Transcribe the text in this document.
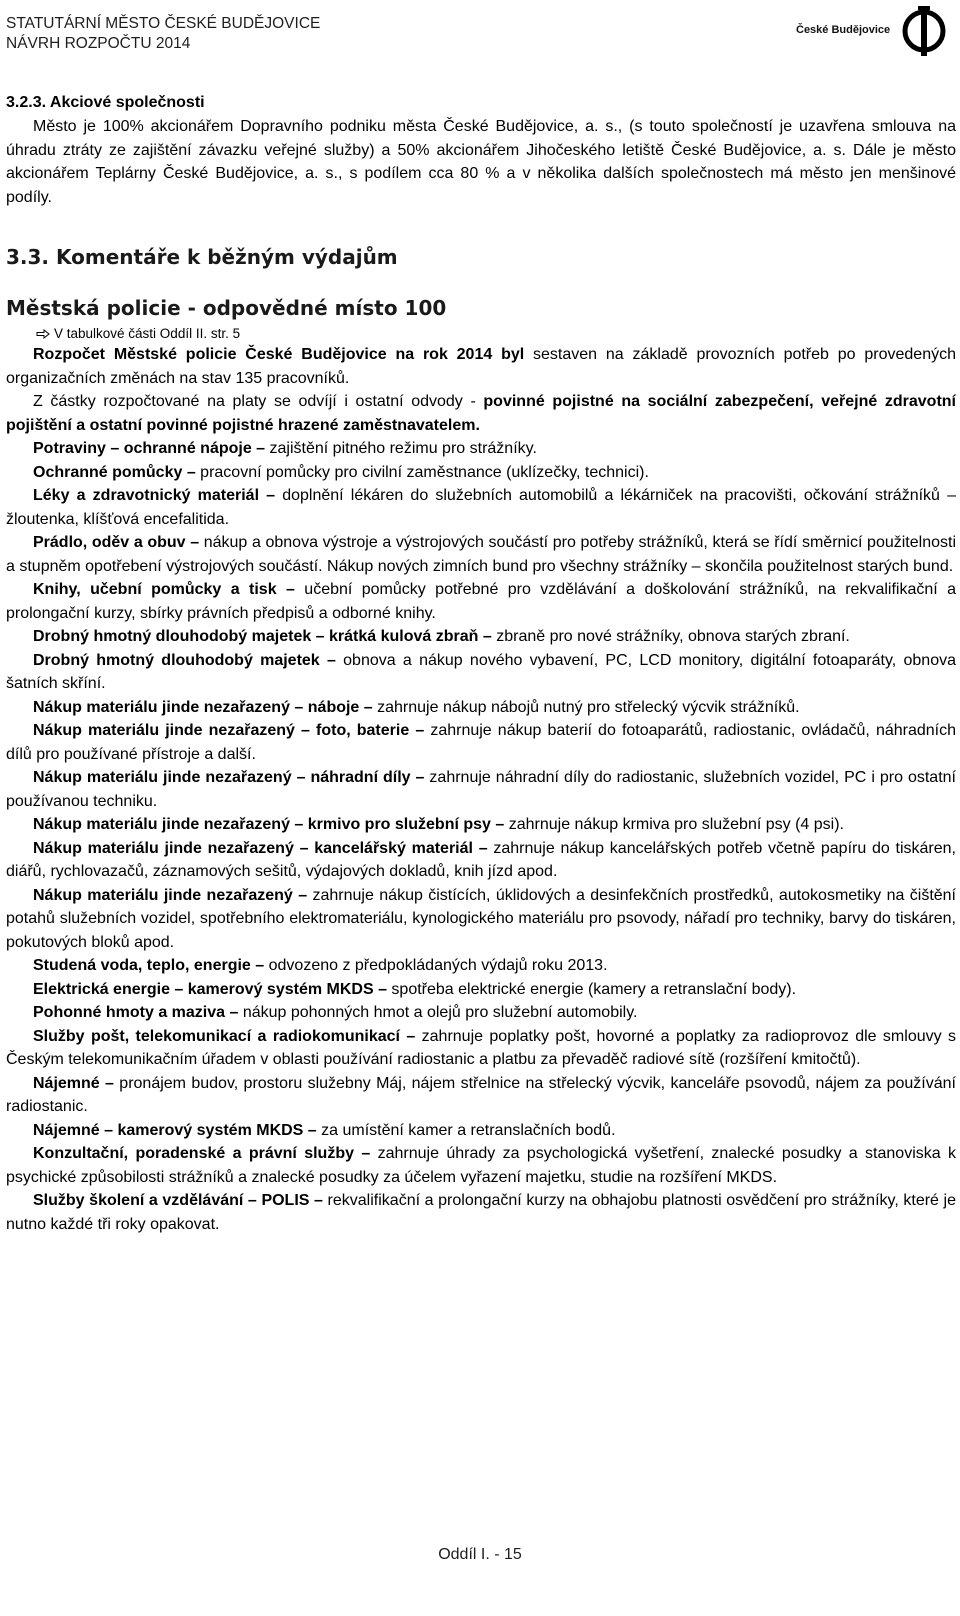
STATUTÁRNÍ MĚSTO ČESKÉ BUDĚJOVICE
NÁVRH ROZPOČTU 2014
České Budějovice
3.2.3. Akciové společnosti

Město je 100% akcionářem Dopravního podniku města České Budějovice, a. s., (s touto společností je uzavřena smlouva na úhradu ztráty ze zajištění závazku veřejné služby) a 50% akcionářem Jihočeského letiště České Budějovice, a. s. Dále je město akcionářem Teplárny České Budějovice, a. s., s podílem cca 80 % a v několika dalších společnostech má město jen menšinové podíly.

3.3. Komentáře k běžným výdajům
Městská policie - odpovědné místo 100
V tabulkové části Oddíl II. str. 5

Rozpočet Městské policie České Budějovice na rok 2014 byl sestaven na základě provozních potřeb po provedených organizačních změnách na stav 135 pracovníků.

Z částky rozpočtované na platy se odvíjí i ostatní odvody - povinné pojistné na sociální zabezpečení, veřejné zdravotní pojištění a ostatní povinné pojistné hrazené zaměstnavatelem.

Potraviny – ochranné nápoje – zajištění pitného režimu pro strážníky.

Ochranné pomůcky – pracovní pomůcky pro civilní zaměstnance (uklízečky, technici).

Léky a zdravotnický materiál – doplnění lékáren do služebních automobilů a lékárniček na pracovišti, očkování strážníků – žloutenka, klíšťová encefalitida.

Prádlo, oděv a obuv – nákup a obnova výstroje a výstrojových součástí pro potřeby strážníků, která se řídí směrnicí použitelnosti a stupněm opotřebení výstrojových součástí. Nákup nových zimních bund pro všechny strážníky – skončila použitelnost starých bund.

Knihy, učební pomůcky a tisk – učební pomůcky potřebné pro vzdělávání a doškolování strážníků, na rekvalifikační a prolongační kurzy, sbírky právních předpisů a odborné knihy.

Drobný hmotný dlouhodobý majetek – krátká kulová zbraň – zbraně pro nové strážníky, obnova starých zbraní.

Drobný hmotný dlouhodobý majetek – obnova a nákup nového vybavení, PC, LCD monitory, digitální fotoaparáty, obnova šatních skříní.

Nákup materiálu jinde nezařazený – náboje – zahrnuje nákup nábojů nutný pro střelecký výcvik strážníků.

Nákup materiálu jinde nezařazený – foto, baterie – zahrnuje nákup baterií do fotoaparátů, radiostanic, ovládačů, náhradních dílů pro používané přístroje a další.

Nákup materiálu jinde nezařazený – náhradní díly – zahrnuje náhradní díly do radiostanic, služebních vozidel, PC i pro ostatní používanou techniku.

Nákup materiálu jinde nezařazený – krmivo pro služební psy – zahrnuje nákup krmiva pro služební psy (4 psi).

Nákup materiálu jinde nezařazený – kancelářský materiál – zahrnuje nákup kancelářských potřeb včetně papíru do tiskáren, diářů, rychlovazačů, záznamových sešitů, výdajových dokladů, knih jízd apod.

Nákup materiálu jinde nezařazený – zahrnuje nákup čistících, úklidových a desinfekčních prostředků, autokosmetiky na čištění potahů služebních vozidel, spotřebního elektromateriálu, kynologického materiálu pro psovody, nářadí pro techniky, barvy do tiskáren, pokutových bloků apod.

Studená voda, teplo, energie – odvozeno z předpokládaných výdajů roku 2013.

Elektrická energie – kamerový systém MKDS – spotřeba elektrické energie (kamery a retranslační body).

Pohonné hmoty a maziva – nákup pohonných hmot a olejů pro služební automobily.

Služby pošt, telekomunikací a radiokomunikací – zahrnuje poplatky pošt, hovorné a poplatky za radioprovoz dle smlouvy s Českým telekomunikačním úřadem v oblasti používání radiostanic a platbu za převaděč radiové sítě (rozšíření kmitočtů).

Nájemné – pronájem budov, prostoru služebny Máj, nájem střelnice na střelecký výcvik, kanceláře psovodů, nájem za používání radiostanic.

Nájemné – kamerový systém MKDS – za umístění kamer a retranslačních bodů.

Konzultační, poradenské a právní služby – zahrnuje úhrady za psychologická vyšetření, znalecké posudky a stanoviska k psychické způsobilosti strážníků a znalecké posudky za účelem vyřazení majetku, studie na rozšíření MKDS.

Služby školení a vzdělávání – POLIS – rekvalifikační a prolongační kurzy na obhajobu platnosti osvědčení pro strážníky, které je nutno každé tři roky opakovat.

Oddíl I. - 15
